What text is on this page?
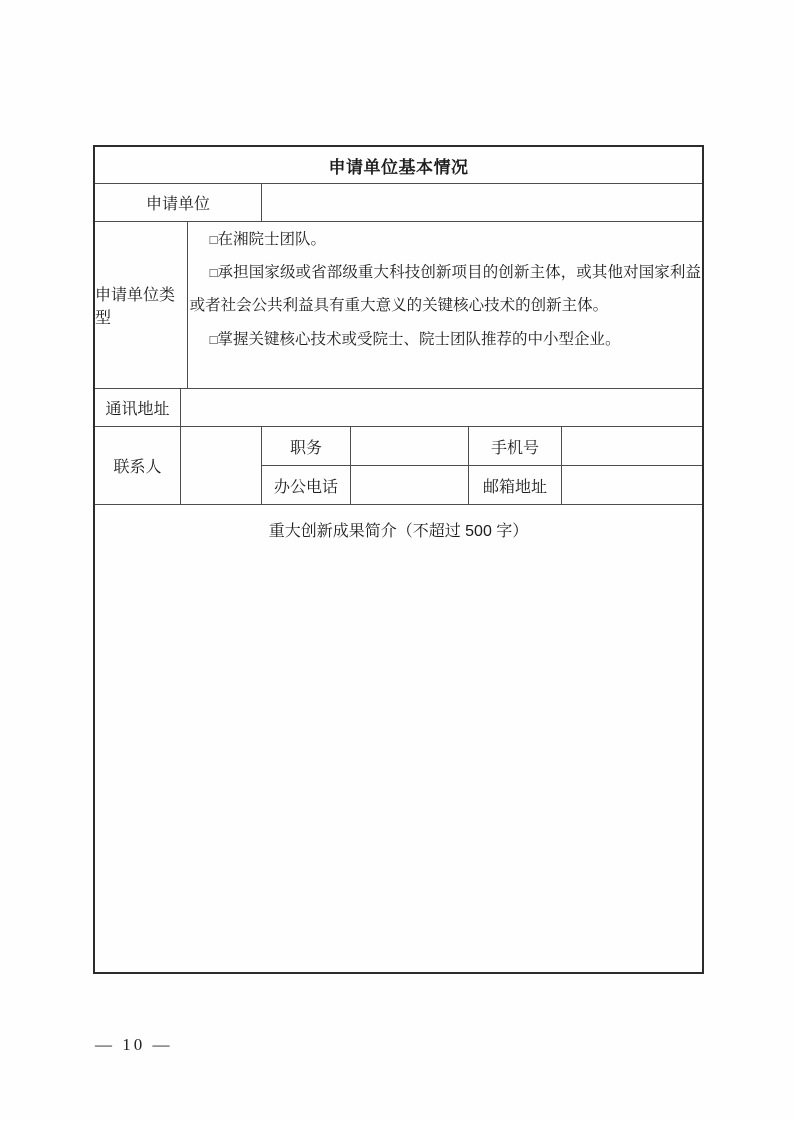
申请单位基本情况
申请单位
申请单位类型

□在湘院士团队。

□承担国家级或省部级重大科技创新项目的创新主体，或其他对国家利益或者社会公共利益具有重大意义的关键核心技术的创新主体。

□掌握关键核心技术或受院士、院士团队推荐的中小型企业。

通讯地址
联系人
职务	手机号
办公电话	邮箱地址
重大创新成果简介（不超过 500 字）
— 10 —
